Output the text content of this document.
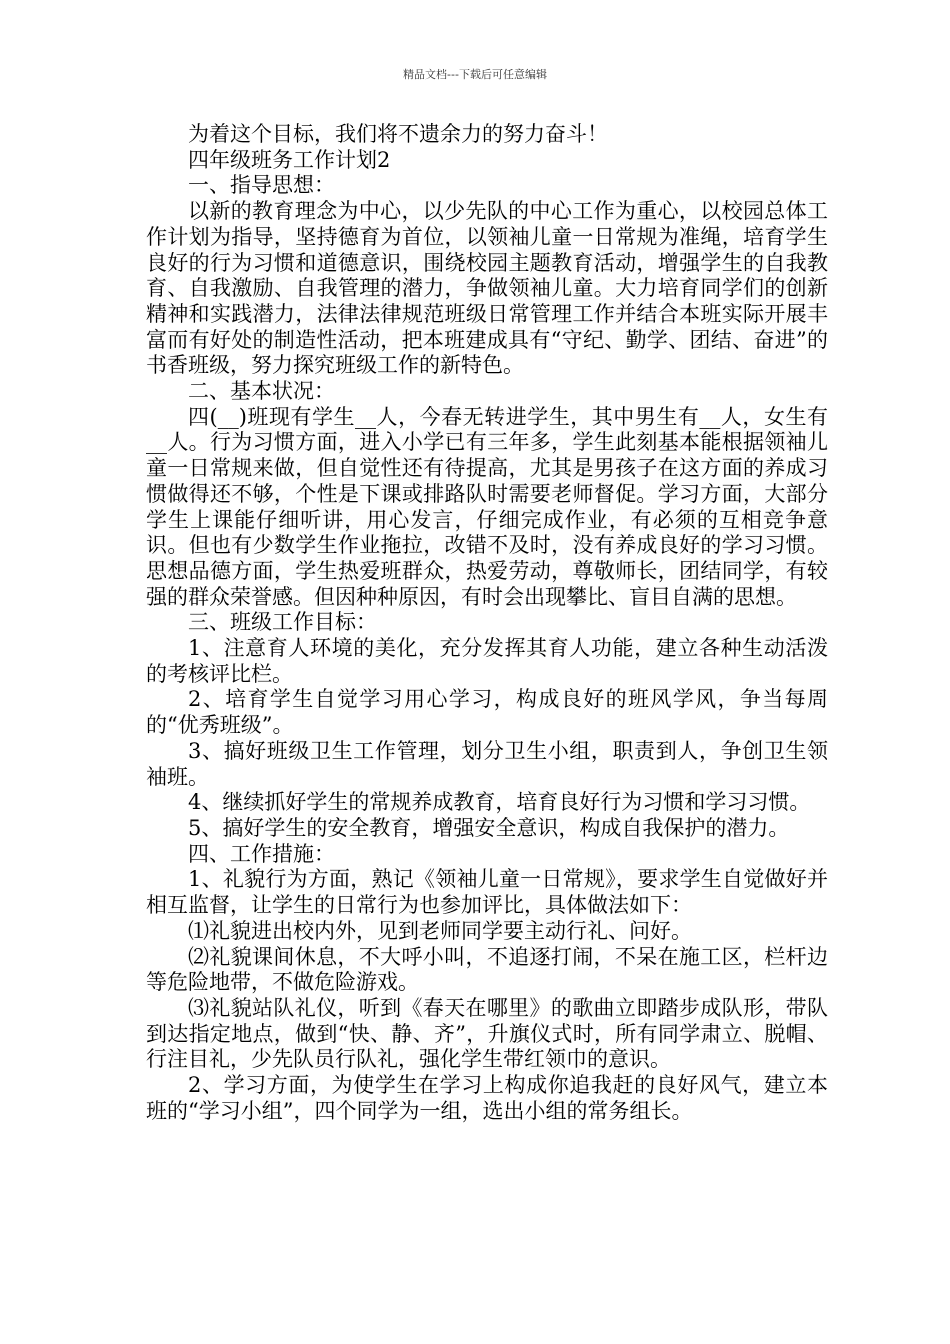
精品文档---下载后可任意编辑

为着这个目标，我们将不遗余力的努力奋斗！

四年级班务工作计划2

一、指导思想：

以新的教育理念为中心，以少先队的中心工作为重心，以校园总体工作计划为指导，坚持德育为首位，以领袖儿童一日常规为准绳，培育学生良好的行为习惯和道德意识，围绕校园主题教育活动，增强学生的自我教育、自我激励、自我管理的潜力，争做领袖儿童。大力培育同学们的创新精神和实践潜力，法律法律规范班级日常管理工作并结合本班实际开展丰富而有好处的制造性活动，把本班建成具有“守纪、勤学、团结、奋进”的书香班级，努力探究班级工作的新特色。

二、基本状况：

四(__)班现有学生__人，今春无转进学生，其中男生有__人，女生有__人。行为习惯方面，进入小学已有三年多，学生此刻基本能根据领袖儿童一日常规来做，但自觉性还有待提高，尤其是男孩子在这方面的养成习惯做得还不够，个性是下课或排路队时需要老师督促。学习方面，大部分学生上课能仔细听讲，用心发言，仔细完成作业，有必须的互相竞争意识。但也有少数学生作业拖拉，改错不及时，没有养成良好的学习习惯。思想品德方面，学生热爱班群众，热爱劳动，尊敬师长，团结同学，有较强的群众荣誉感。但因种种原因，有时会出现攀比、盲目自满的思想。

三、班级工作目标：

1、注意育人环境的美化，充分发挥其育人功能，建立各种生动活泼的考核评比栏。

2、培育学生自觉学习用心学习，构成良好的班风学风，争当每周的“优秀班级”。

3、搞好班级卫生工作管理，划分卫生小组，职责到人，争创卫生领袖班。

4、继续抓好学生的常规养成教育，培育良好行为习惯和学习习惯。

5、搞好学生的安全教育，增强安全意识，构成自我保护的潜力。

四、工作措施：

1、礼貌行为方面，熟记《领袖儿童一日常规》，要求学生自觉做好并相互监督，让学生的日常行为也参加评比，具体做法如下：

⑴礼貌进出校内外，见到老师同学要主动行礼、问好。

⑵礼貌课间休息，不大呼小叫，不追逐打闹，不呆在施工区，栏杆边等危险地带，不做危险游戏。

⑶礼貌站队礼仪，听到《春天在哪里》的歌曲立即踏步成队形，带队到达指定地点，做到“快、静、齐”，升旗仪式时，所有同学肃立、脱帽、行注目礼，少先队员行队礼，强化学生带红领巾的意识。

2、学习方面，为使学生在学习上构成你追我赶的良好风气，建立本班的“学习小组”，四个同学为一组，选出小组的常务组长。
